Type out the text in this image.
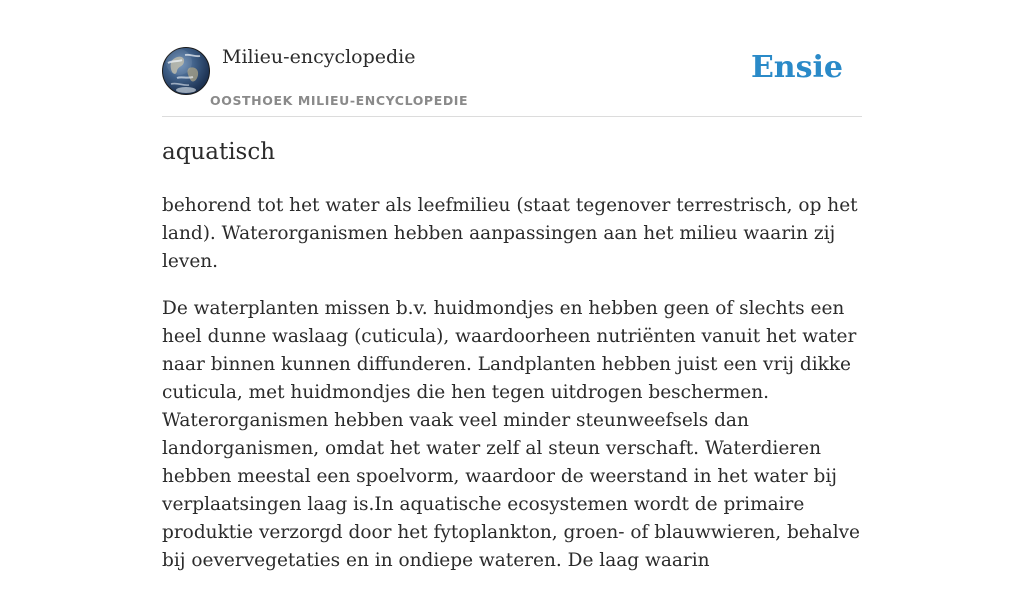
Milieu-encyclopedie
OOSTHOEK MILIEU-ENCYCLOPEDIE
Ensie
aquatisch

behorend tot het water als leefmilieu (staat tegenover terrestrisch, op het land). Waterorganismen hebben aanpassingen aan het milieu waarin zij leven.

De waterplanten missen b.v. huidmondjes en hebben geen of slechts een heel dunne waslaag (cuticula), waardoorheen nutriënten vanuit het water naar binnen kunnen diffunderen. Landplanten hebben juist een vrij dikke cuticula, met huidmondjes die hen tegen uitdrogen beschermen. Waterorganismen hebben vaak veel minder steunweefsels dan landorganismen, omdat het water zelf al steun verschaft. Waterdieren hebben meestal een spoelvorm, waardoor de weerstand in het water bij verplaatsingen laag is.In aquatische ecosystemen wordt de primaire produktie verzorgd door het fytoplankton, groen- of blauwwieren, behalve bij oevervegetaties en in ondiepe wateren. De laag waarin
